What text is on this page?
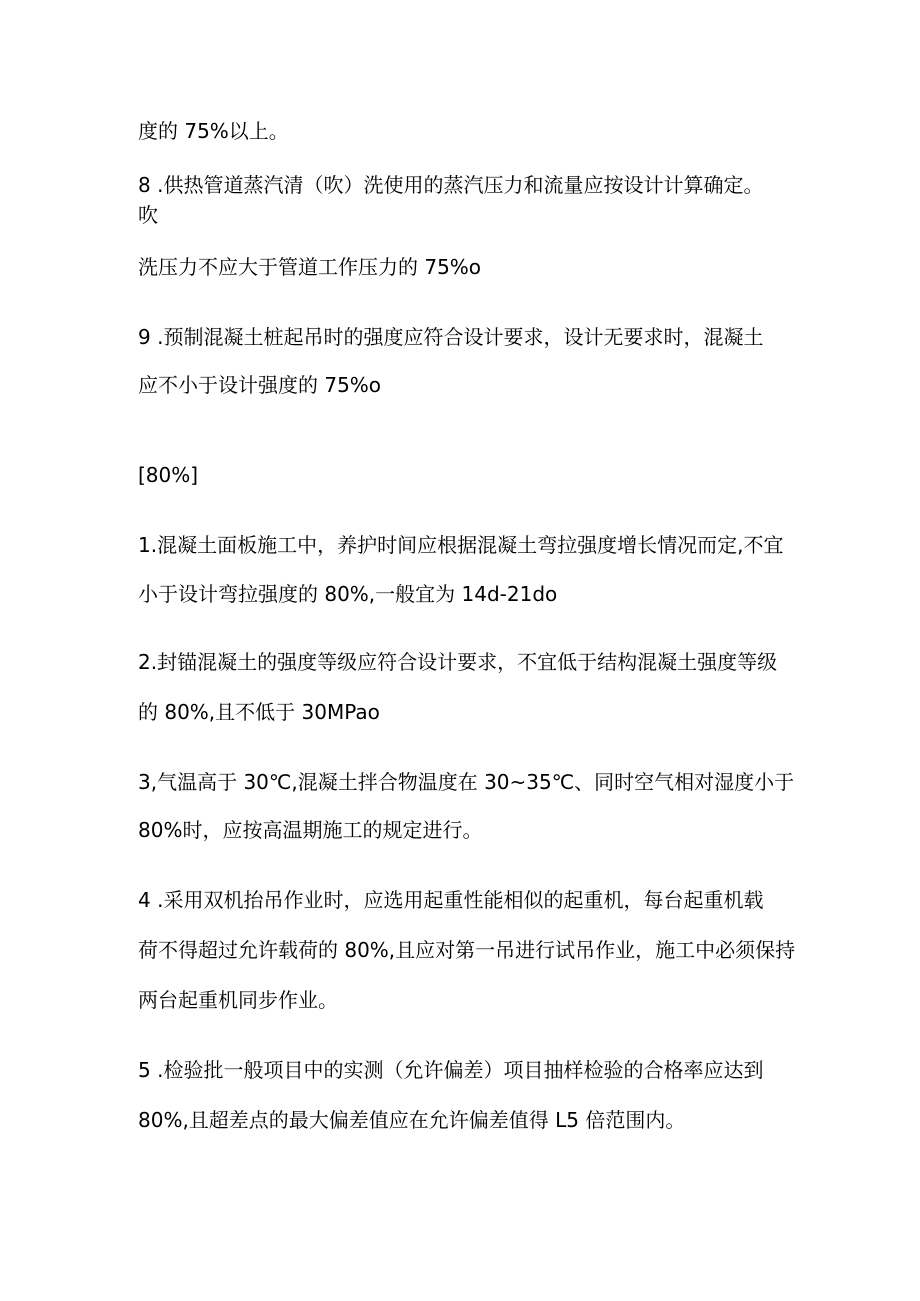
度的 75%以上。
8 .供热管道蒸汽清（吹）洗使用的蒸汽压力和流量应按设计计算确定。
吹
洗压力不应大于管道工作压力的 75%o
9 .预制混凝土桩起吊时的强度应符合设计要求，设计无要求时，混凝土
应不小于设计强度的 75%o
[80%]
1.混凝土面板施工中，养护时间应根据混凝土弯拉强度增长情况而定,不宜
小于设计弯拉强度的 80%,一般宜为 14d-21do
2.封锚混凝土的强度等级应符合设计要求，不宜低于结构混凝土强度等级
的 80%,且不低于 30MPao
3,气温高于 30℃,混凝土拌合物温度在 30~35℃、同时空气相对湿度小于
80%时，应按高温期施工的规定进行。
4 .采用双机抬吊作业时，应选用起重性能相似的起重机，每台起重机载
荷不得超过允许载荷的 80%,且应对第一吊进行试吊作业，施工中必须保持
两台起重机同步作业。
5 .检验批一般项目中的实测（允许偏差）项目抽样检验的合格率应达到
80%,且超差点的最大偏差值应在允许偏差值得 L5 倍范围内。
